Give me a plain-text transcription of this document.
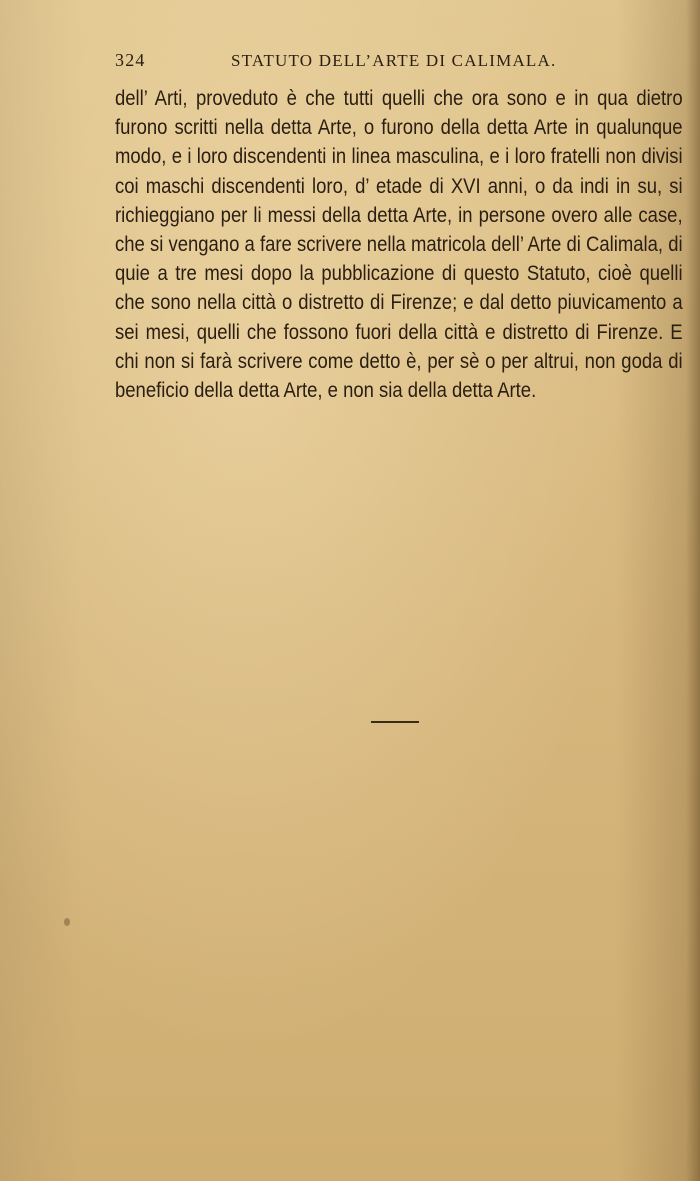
324	STATUTO DELL’ARTE DI CALIMALA.

dell’ Arti, proveduto è che tutti quelli che ora sono e in qua dietro furono scritti nella detta Arte, o furono della detta Arte in qualunque modo, e i loro discendenti in linea masculina, e i loro fratelli non divisi coi maschi discendenti loro, d’ etade di XVI anni, o da indi in su, si richieggiano per li messi della detta Arte, in persone overo alle case, che si vengano a fare scrivere nella matricola dell’ Arte di Calimala, di quie a tre mesi dopo la pubblicazione di questo Statuto, cioè quelli che sono nella città o distretto di Firenze; e dal detto piuvicamento a sei mesi, quelli che fossono fuori della città e distretto di Firenze. E chi non si farà scrivere come detto è, per sè o per altrui, non goda di beneficio della detta Arte, e non sia della detta Arte.
